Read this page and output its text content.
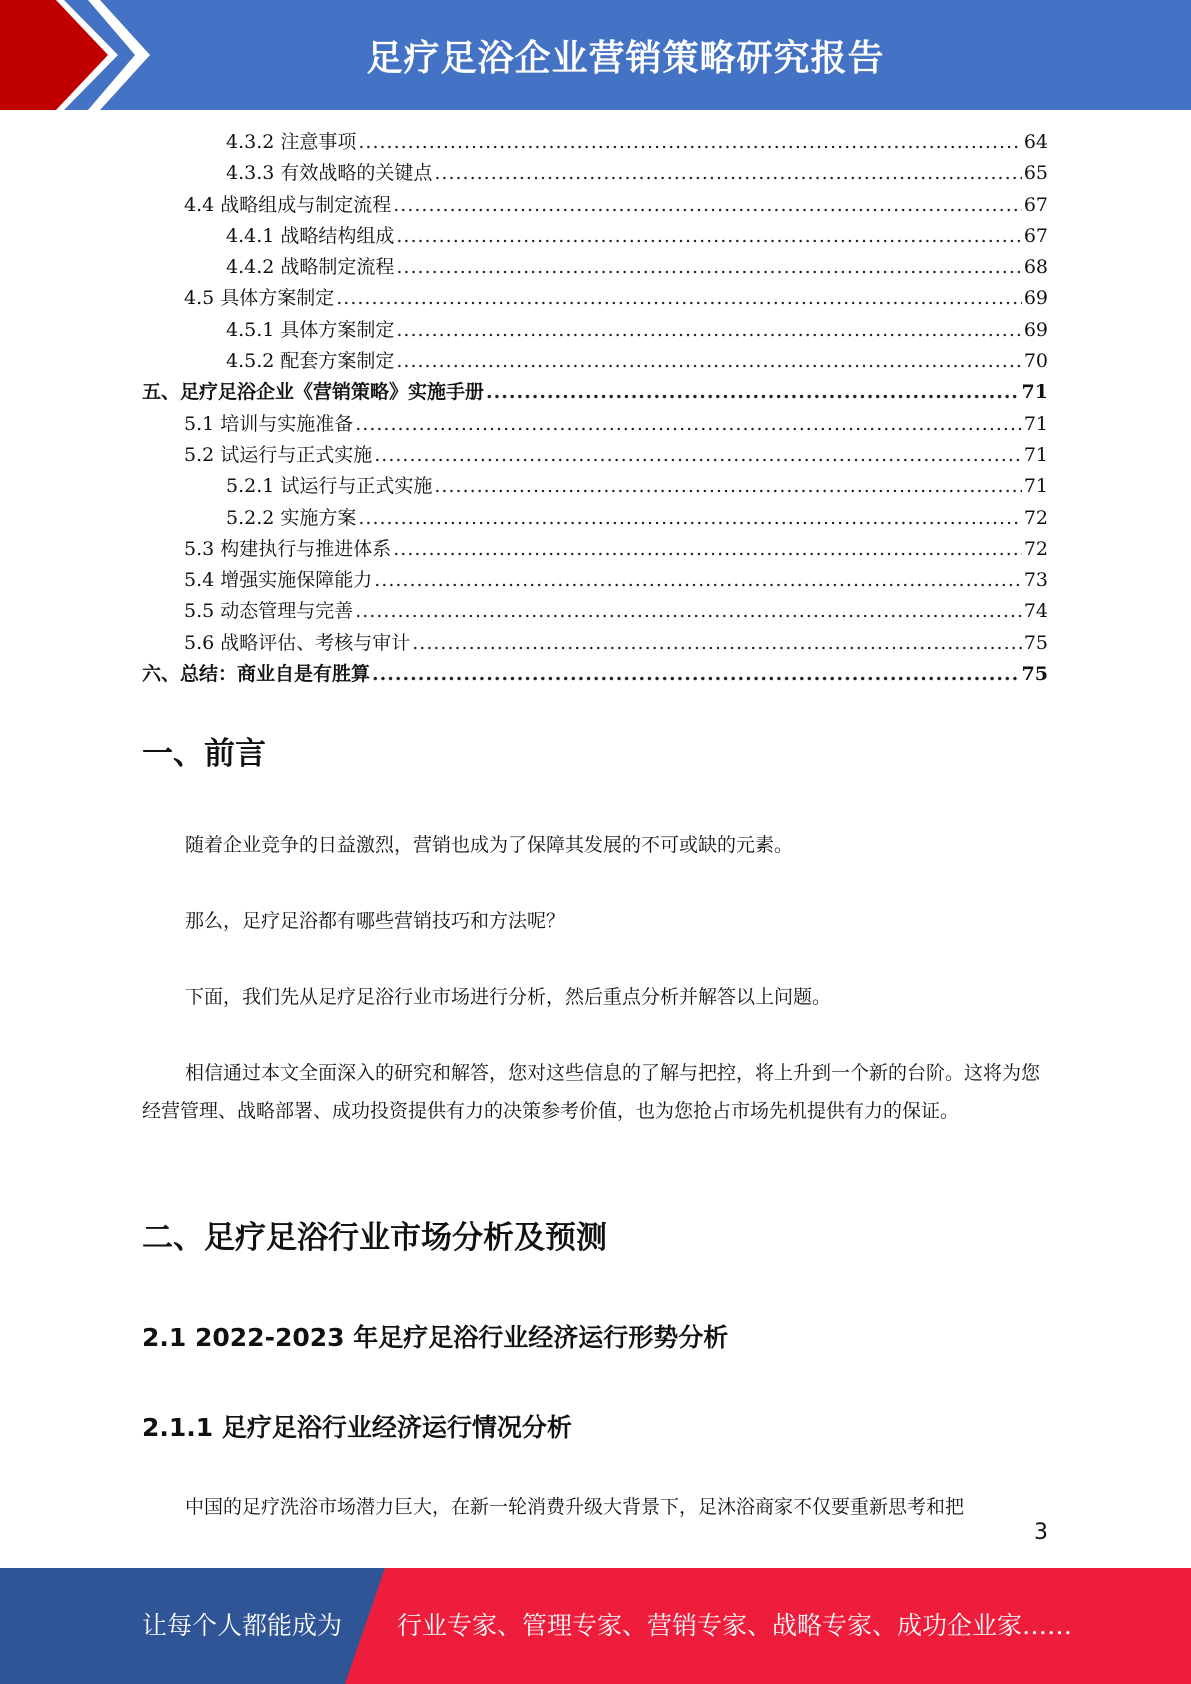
足疗足浴企业营销策略研究报告
4.3.2 注意事项 .....	64
4.3.3 有效战略的关键点 .....	65
4.4 战略组成与制定流程 .....	67
4.4.1 战略结构组成 .....	67
4.4.2 战略制定流程 .....	68
4.5 具体方案制定 .....	69
4.5.1 具体方案制定 .....	69
4.5.2 配套方案制定 .....	70
五、足疗足浴企业《营销策略》实施手册 .....	71
5.1 培训与实施准备 .....	71
5.2 试运行与正式实施 .....	71
5.2.1 试运行与正式实施 .....	71
5.2.2 实施方案 .....	72
5.3 构建执行与推进体系 .....	72
5.4 增强实施保障能力 .....	73
5.5 动态管理与完善 .....	74
5.6 战略评估、考核与审计 .....	75
六、总结：商业自是有胜算 .....	75
一、前言

随着企业竞争的日益激烈，营销也成为了保障其发展的不可或缺的元素。

那么，足疗足浴都有哪些营销技巧和方法呢？

下面，我们先从足疗足浴行业市场进行分析，然后重点分析并解答以上问题。

相信通过本文全面深入的研究和解答，您对这些信息的了解与把控，将上升到一个新的台阶。这将为您经营管理、战略部署、成功投资提供有力的决策参考价值，也为您抢占市场先机提供有力的保证。

二、足疗足浴行业市场分析及预测
2.1 2022-2023 年足疗足浴行业经济运行形势分析
2.1.1 足疗足浴行业经济运行情况分析

中国的足疗洗浴市场潜力巨大，在新一轮消费升级大背景下，足沐浴商家不仅要重新思考和把

3
让每个人都能成为 行业专家、管理专家、营销专家、战略专家、成功企业家……
